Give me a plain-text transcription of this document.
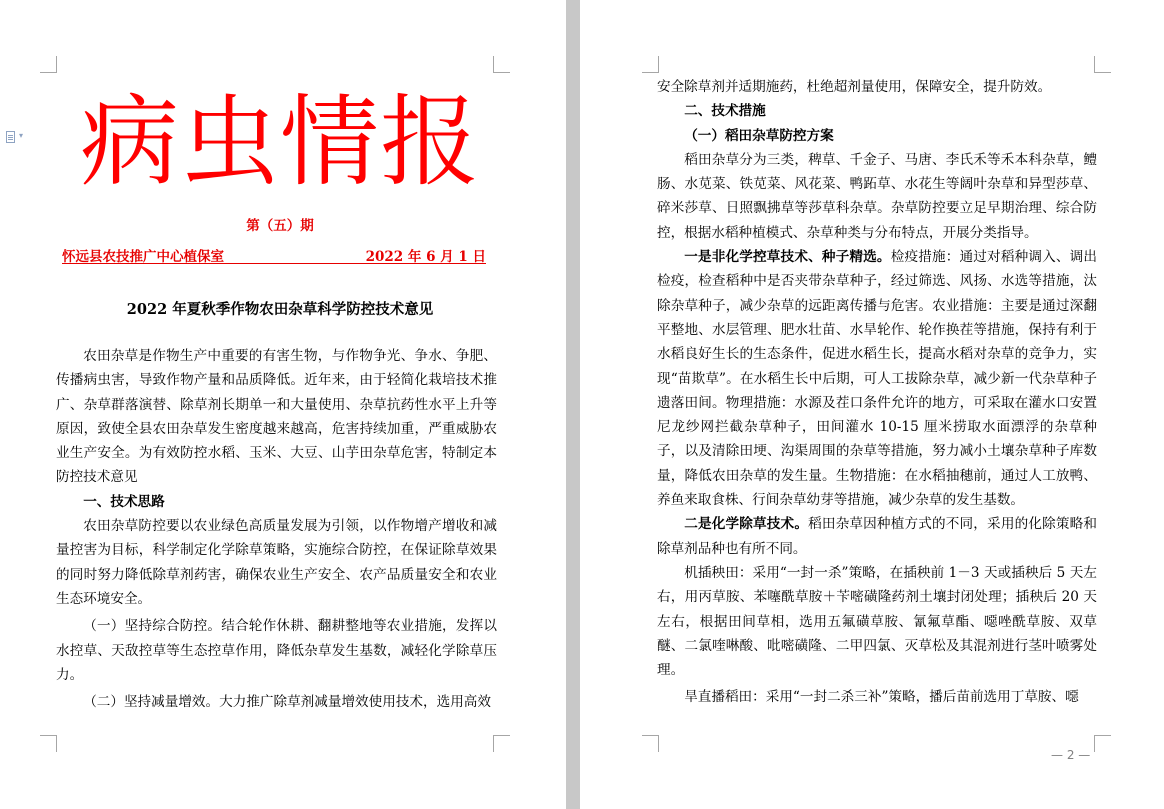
▾ 病虫情报
第（五）期
怀远县农技推广中心植保室	2022 年 6 月 1 日
2022 年夏秋季作物农田杂草科学防控技术意见

农田杂草是作物生产中重要的有害生物，与作物争光、争水、争肥、传播病虫害，导致作物产量和品质降低。近年来，由于轻简化栽培技术推广、杂草群落演替、除草剂长期单一和大量使用、杂草抗药性水平上升等原因，致使全县农田杂草发生密度越来越高，危害持续加重，严重威胁农业生产安全。为有效防控水稻、玉米、大豆、山芋田杂草危害，特制定本防控技术意见

一、技术思路

农田杂草防控要以农业绿色高质量发展为引领，以作物增产增收和减量控害为目标，科学制定化学除草策略，实施综合防控，在保证除草效果的同时努力降低除草剂药害，确保农业生产安全、农产品质量安全和农业生态环境安全。

（一）坚持综合防控。结合轮作休耕、翻耕整地等农业措施，发挥以水控草、天敌控草等生态控草作用，降低杂草发生基数，减轻化学除草压力。

（二）坚持减量增效。大力推广除草剂减量增效使用技术，选用高效

安全除草剂并适期施药，杜绝超剂量使用，保障安全，提升防效。

二、技术措施

（一）稻田杂草防控方案

稻田杂草分为三类，稗草、千金子、马唐、李氏禾等禾本科杂草，鳢肠、水苋菜、铁苋菜、风花菜、鸭跖草、水花生等阔叶杂草和异型莎草、碎米莎草、日照飘拂草等莎草科杂草。杂草防控要立足早期治理、综合防控，根据水稻种植模式、杂草种类与分布特点，开展分类指导。

一是非化学控草技术、种子精选。检疫措施：通过对稻种调入、调出检疫，检查稻种中是否夹带杂草种子，经过筛选、风扬、水选等措施，汰除杂草种子，减少杂草的远距离传播与危害。农业措施：主要是通过深翻平整地、水层管理、肥水壮苗、水旱轮作、轮作换茬等措施，保持有利于水稻良好生长的生态条件，促进水稻生长，提高水稻对杂草的竞争力，实现“苗欺草”。在水稻生长中后期，可人工拔除杂草，减少新一代杂草种子遗落田间。物理措施：水源及茬口条件允许的地方，可采取在灌水口安置尼龙纱网拦截杂草种子，田间灌水 10-15 厘米捞取水面漂浮的杂草种子，以及清除田埂、沟渠周围的杂草等措施，努力减小土壤杂草种子库数量，降低农田杂草的发生量。生物措施：在水稻抽穗前，通过人工放鸭、养鱼来取食株、行间杂草幼芽等措施，减少杂草的发生基数。

二是化学除草技术。稻田杂草因种植方式的不同，采用的化除策略和除草剂品种也有所不同。

机插秧田：采用“一封一杀”策略，在插秧前 1－3 天或插秧后 5 天左右，用丙草胺、苯噻酰草胺＋苄嘧磺隆药剂土壤封闭处理；插秧后 20 天左右，根据田间草相，选用五氟磺草胺、氰氟草酯、噁唑酰草胺、双草醚、二氯喹啉酸、吡嘧磺隆、二甲四氯、灭草松及其混剂进行茎叶喷雾处理。

旱直播稻田：采用“一封二杀三补”策略，播后苗前选用丁草胺、噁

— 2 —
